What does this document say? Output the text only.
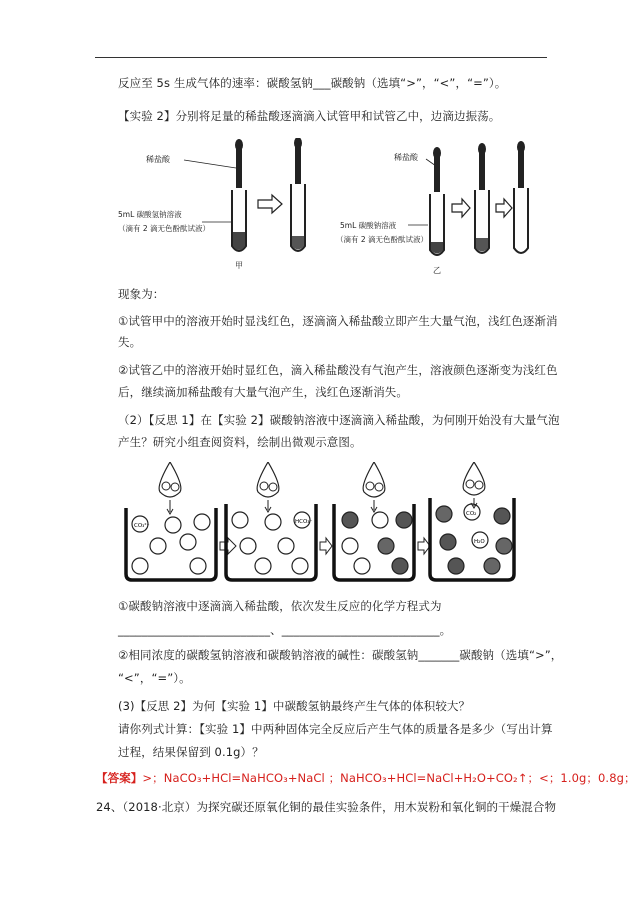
反应至 5s 生成气体的速率：碳酸氢钠___碳酸钠（选填“>”，“<”，“=”）。
【实验 2】分别将足量的稀盐酸逐滴滴入试管甲和试管乙中，边滴边振荡。
稀盐酸
5mL 碳酸氢钠溶液
（滴有 2 滴无色酚酞试液）
甲
稀盐酸
5mL 碳酸钠溶液
（滴有 2 滴无色酚酞试液）
乙
现象为：
①试管甲中的溶液开始时显浅红色，逐滴滴入稀盐酸立即产生大量气泡，浅红色逐渐消
失。
②试管乙中的溶液开始时显红色，滴入稀盐酸没有气泡产生，溶液颜色逐渐变为浅红色
后，继续滴加稀盐酸有大量气泡产生，浅红色逐渐消失。
（2）【反思 1】在【实验 2】碳酸钠溶液中逐滴滴入稀盐酸，为何刚开始没有大量气泡
产生？研究小组查阅资料，绘制出微观示意图。
CO₃²⁻
HCO₃⁻
CO₂
H₂O
①碳酸钠溶液中逐滴滴入稀盐酸，依次发生反应的化学方程式为
__________________________、___________________________。
②相同浓度的碳酸氢钠溶液和碳酸钠溶液的碱性：碳酸氢钠_______碳酸钠（选填“>”，
“<”，“=”）。
(3)【反思 2】为何【实验 1】中碳酸氢钠最终产生气体的体积较大？
请你列式计算：【实验 1】中两种固体完全反应后产生气体的质量各是多少（写出计算
过程，结果保留到 0.1g）？
【答案】>；NaCO₃+HCl=NaHCO₃+NaCl ；NaHCO₃+HCl=NaCl+H₂O+CO₂↑；<；1.0g；0.8g；
24、（2018·北京）为探究碳还原氧化铜的最佳实验条件，用木炭粉和氧化铜的干燥混合物
